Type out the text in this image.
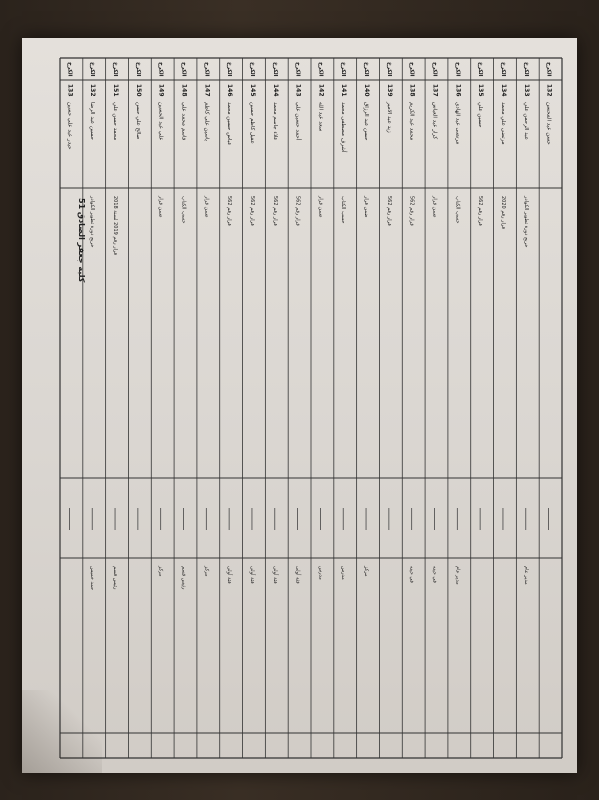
الكرخ
133
حيدر عبد علي حسين
الكرخ
132
حسين عبد الرضا
خريج دورة تطوير الكوادر
حمد خميس
الكرخ
151
محمد حسن علي
قرار رقم 2019 لسنة 2018
رئيس قسم
الكرخ
150
صالح علي حسن
الكرخ
149
علي عبد الحسين
ضمن قرار
مركز
الكرخ
148
قاسم محمد علي
حسب الكتاب
رئيس قسم
الكرخ
147
ياسين علي كاظم
ضمن قرار
مركز
الكرخ
146
عباس حسين محمد
قرار رقم 562
فئة أولى
الكرخ
145
عقيل كاظم حسين
قرار رقم 562
فئة أولى
الكرخ
144
علاء جاسم محمد
قرار رقم 562
فئة أولى
الكرخ
143
أحمد حسين علي
قرار رقم 562
فئة أولى
الكرخ
142
سعد عبد الله
ضمن قرار
مدرس
الكرخ
141
أشرف مصطفى محمد
حسب الكتاب
مدرس
الكرخ
140
حسن عبد الرزاق
ضمن قرار
مركز
الكرخ
139
زيد عبد الامير
قرار رقم 562
الكرخ
138
محمد عبد الكريم
قرار رقم 562
في حينه
الكرخ
137
كرار عبد العباس
ضمن قرار
في حينه
الكرخ
136
مرتضى عبد الهادي
حسب الكتاب
مدير عام
الكرخ
135
حسين علي
قرار رقم 562
الكرخ
134
مرتضى علي محمد
قرار رقم 2020
الكرخ
133
عبد الرحمن علي
خريج دورة تطوير الكوادر
مدير عام
الكرخ
132
حسن عبد المحسن
كلية جعفر الصادق 51
